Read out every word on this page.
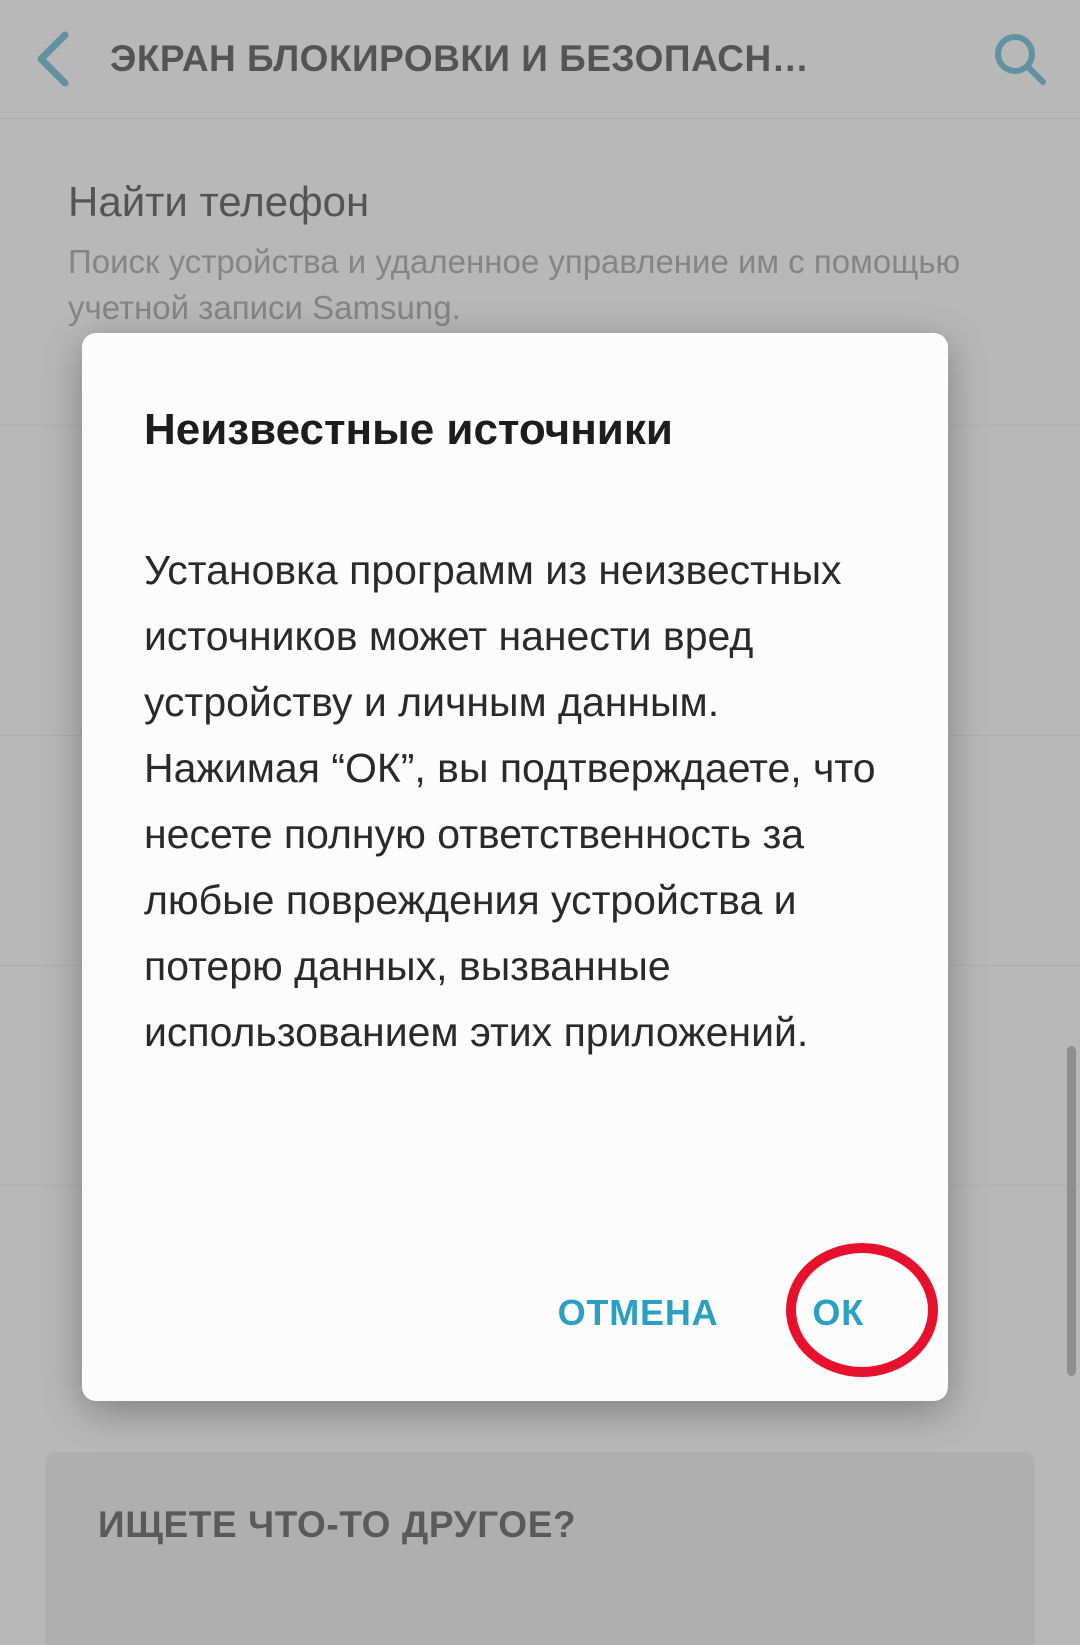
Неизвестные источники
Установка программ из неизвестных источников может нанести вред устройству и личным данным. Нажимая “ОК”, вы подтверждаете, что несете полную ответственность за любые повреждения устройства и потерю данных, вызванные использованием этих приложений.
ОТМЕНА	ОК
